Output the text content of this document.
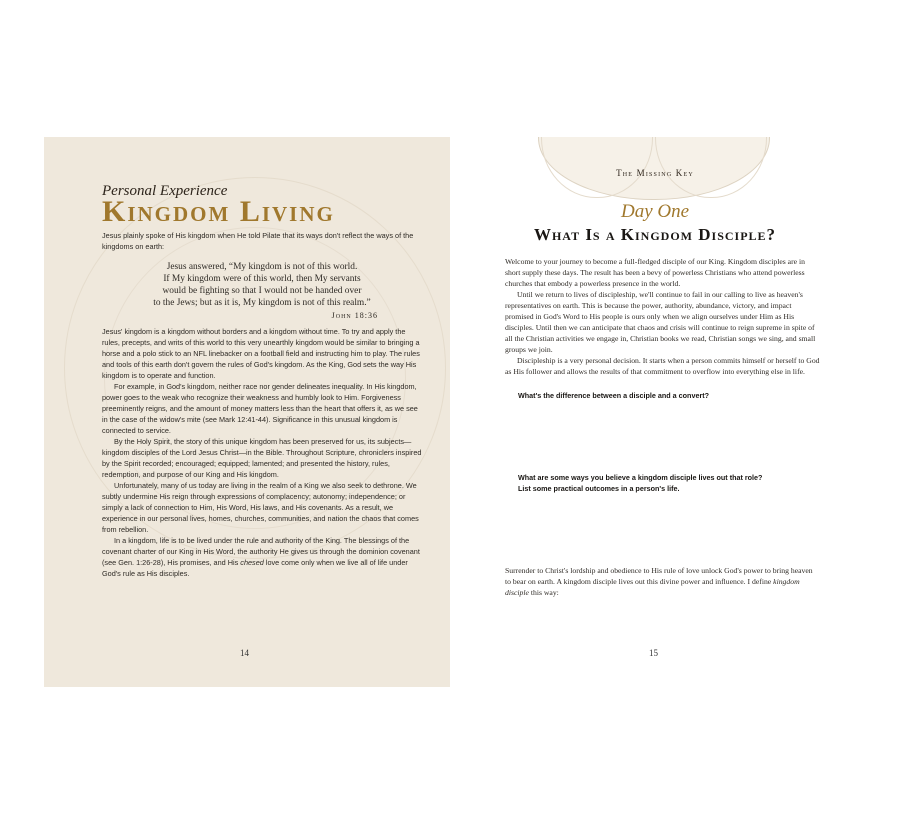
Personal Experience

Kingdom Living

Jesus plainly spoke of His kingdom when He told Pilate that its ways don't reflect the ways of the kingdoms on earth:

Jesus answered, “My kingdom is not of this world.
If My kingdom were of this world, then My servants
would be fighting so that I would not be handed over
to the Jews; but as it is, My kingdom is not of this realm.”
John 18:36

Jesus' kingdom is a kingdom without borders and a kingdom without time. To try and apply the rules, precepts, and writs of this world to this very unearthly kingdom would be similar to bringing a horse and a polo stick to an NFL linebacker on a football field and instructing him to play. The rules and tools of this earth don't govern the rules of God's kingdom. As the King, God sets the way His kingdom is to operate and function.

For example, in God's kingdom, neither race nor gender delineates inequality. In His kingdom, power goes to the weak who recognize their weakness and humbly look to Him. Forgiveness preeminently reigns, and the amount of money matters less than the heart that offers it, as we see in the case of the widow's mite (see Mark 12:41-44). Significance in this unusual kingdom is connected to service.

By the Holy Spirit, the story of this unique kingdom has been preserved for us, its subjects—kingdom disciples of the Lord Jesus Christ—in the Bible. Throughout Scripture, chroniclers inspired by the Spirit recorded; encouraged; equipped; lamented; and presented the history, rules, redemption, and purpose of our King and His kingdom.

Unfortunately, many of us today are living in the realm of a King we also seek to dethrone. We subtly undermine His reign through expressions of complacency; autonomy; independence; or simply a lack of connection to Him, His Word, His laws, and His covenants. As a result, we experience in our personal lives, homes, churches, communities, and nation the chaos that comes from rebellion.

In a kingdom, life is to be lived under the rule and authority of the King. The blessings of the covenant charter of our King in His Word, the authority He gives us through the dominion covenant (see Gen. 1:26-28), His promises, and His chesed love come only when we live all of life under God's rule as His disciples.

14
The Missing Key
Day One
What Is a Kingdom Disciple?

Welcome to your journey to become a full-fledged disciple of our King. Kingdom disciples are in short supply these days. The result has been a bevy of powerless Christians who attend powerless churches that embody a powerless presence in the world.

Until we return to lives of discipleship, we'll continue to fail in our calling to live as heaven's representatives on earth. This is because the power, authority, abundance, victory, and impact promised in God's Word to His people is ours only when we align ourselves under Him as His disciples. Until then we can anticipate that chaos and crisis will continue to reign supreme in spite of all the Christian activities we engage in, Christian books we read, Christian songs we sing, and small groups we join.

Discipleship is a very personal decision. It starts when a person commits himself or herself to God as His follower and allows the results of that commitment to overflow into everything else in life.

What's the difference between a disciple and a convert?

What are some ways you believe a kingdom disciple lives out that role?

List some practical outcomes in a person's life.

Surrender to Christ's lordship and obedience to His rule of love unlock God's power to bring heaven to bear on earth. A kingdom disciple lives out this divine power and influence. I define kingdom disciple this way:

15
